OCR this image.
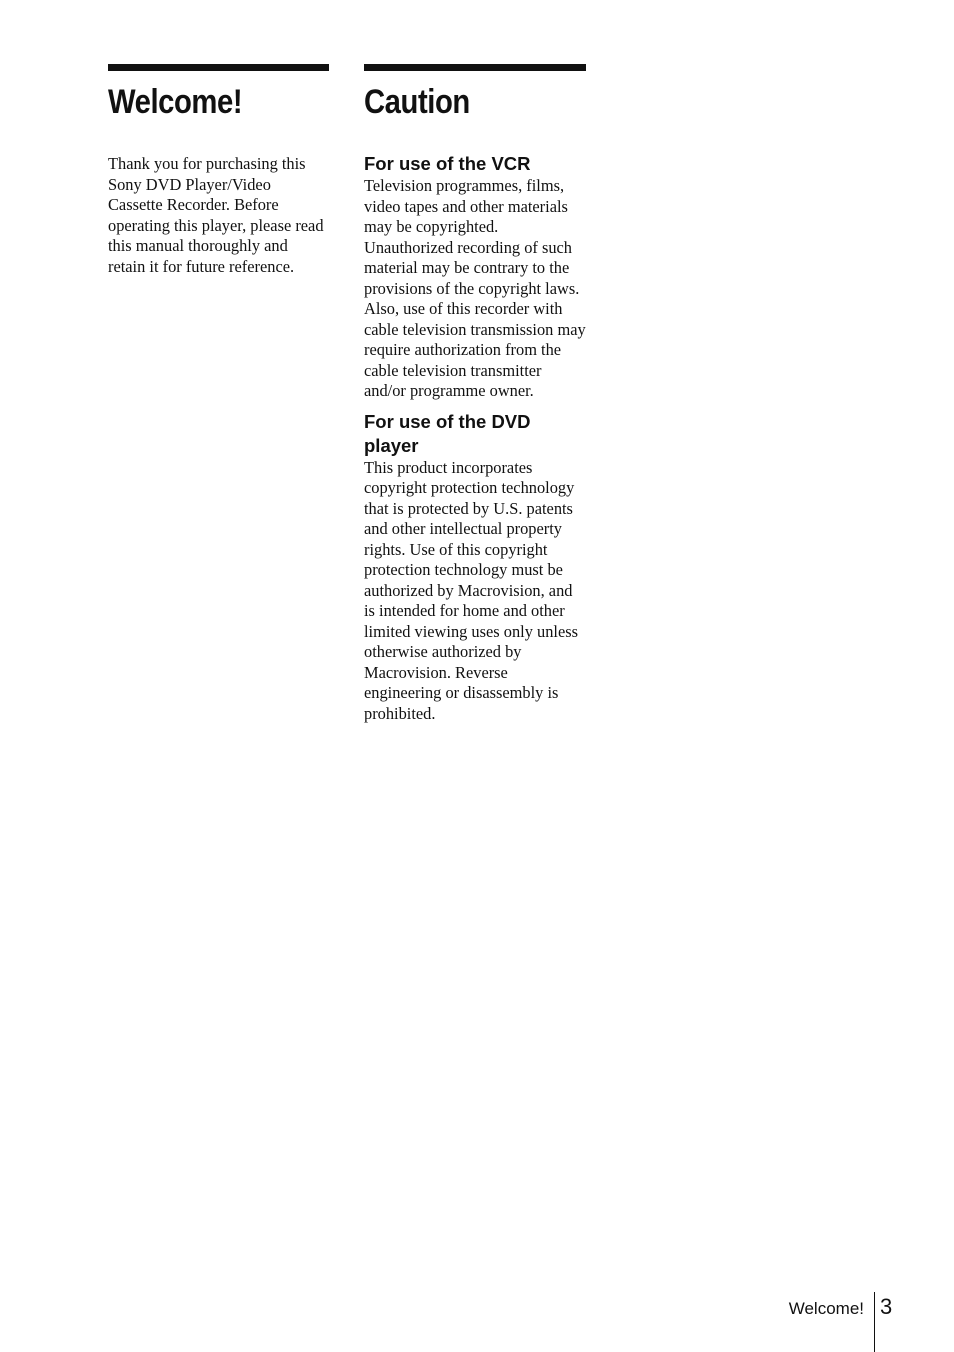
Welcome!

Thank you for purchasing this Sony DVD Player/Video Cassette Recorder. Before operating this player, please read this manual thoroughly and retain it for future reference.

Caution
For use of the VCR

Television programmes, films, video tapes and other materials may be copyrighted. Unauthorized recording of such material may be contrary to the provisions of the copyright laws. Also, use of this recorder with cable television transmission may require authorization from the cable television transmitter and/or programme owner.

For use of the DVD player

This product incorporates copyright protection technology that is protected by U.S. patents and other intellectual property rights. Use of this copyright protection technology must be authorized by Macrovision, and is intended for home and other limited viewing uses only unless otherwise authorized by Macrovision. Reverse engineering or disassembly is prohibited.

Welcome! 3
